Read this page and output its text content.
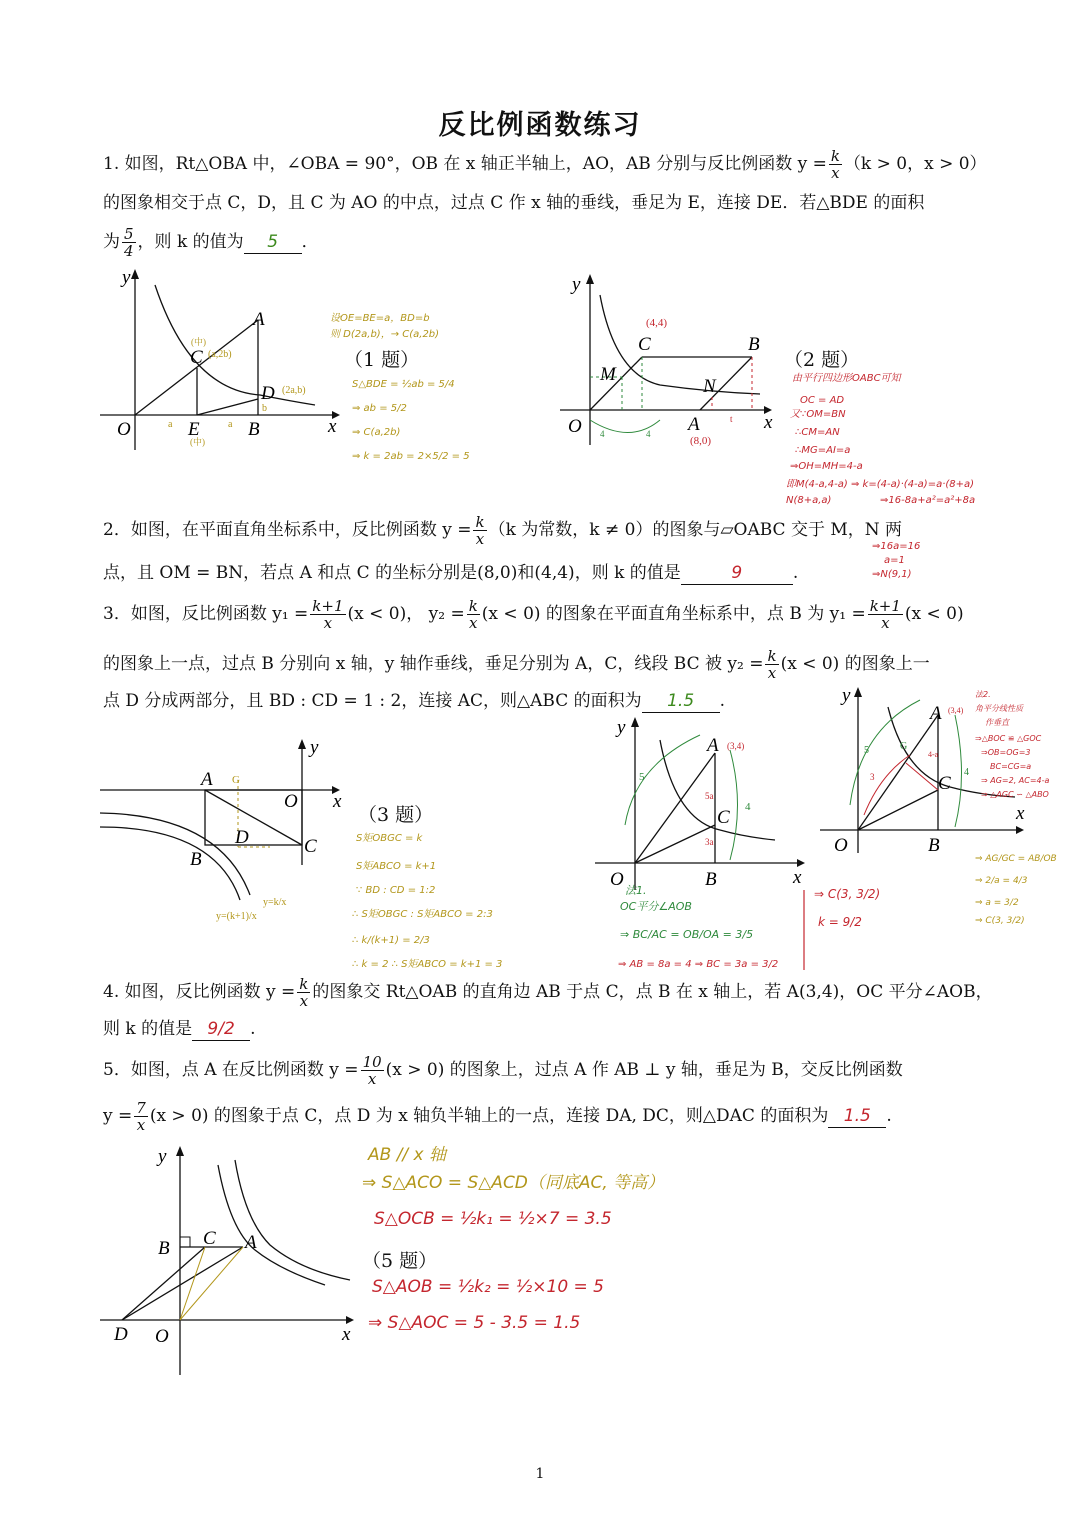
反比例函数练习
1. 如图，Rt△OBA 中，∠OBA = 90°，OB 在 x 轴正半轴上，AO，AB 分别与反比例函数 $y = \frac{k}{x} (k > 0$，x > 0）
的图象相交于点 C，D，且 C 为 AO 的中点，过点 C 作 x 轴的垂线，垂足为 E，连接 DE．若△BDE 的面积
为 $\frac{5}{4}$ ，则 k 的值为 5 ．
y
x
O
A
C
D
E	B
(a,2b)
(中)
(2a,b)
(中)
a	a
b
（1 题）
设OE=BE=a，BD=b
则 D(2a,b)，→ C(a,2b)
S△BDE = ½ab = 5/4
⇒ ab = 5/2
⇒ C(a,2b)
⇒ k = 2ab = 2×5/2 = 5
y
x
O
C	B
M
N
A
(4,4)
(8,0)
4	4
t
（2 题）
由平行四边形OABC可知
OC = AD
又∵OM=BN
∴CM=AN
∴MG=AI=a
⇒OH=MH=4-a
即M(4-a,4-a) ⇒ k=(4-a)·(4-a)=a·(8+a)
N(8+a,a)	⇒16-8a+a²=a²+8a
⇒16a=16
a=1
⇒N(9,1)
2．如图，在平面直角坐标系中，反比例函数 $y = \frac{k}{x} (k$ 为常数，k ≠ 0）的图象与▱OABC 交于 M，N 两
点，且 OM = BN，若点 A 和点 C 的坐标分别是(8,0)和(4,4)，则 k 的值是	9	.
3．如图，反比例函数 $y_1 = \frac{k+1}{x} (x < 0)$， $y_2 = \frac{k}{x} (x < 0)$ 的图象在平面直角坐标系中，点 B 为 $y_1 = \frac{k+1}{x} (x < 0)$
的图象上一点，过点 B 分别向 x 轴，y 轴作垂线，垂足分别为 A，C，线段 BC 被 $y_2 = \frac{k}{x} (x < 0)$ 的图象上一
点 D 分成两部分，且 BD : CD = 1 : 2，连接 AC，则△ABC 的面积为 1.5 .
y
x
O
A
B
C
D
G
y=(k+1)/x
y=k/x
（3 题）
S矩OBGC = k
S矩ABCO = k+1
∵ BD : CD = 1:2
∴ S矩OBGC : S矩ABCO = 2:3
∴ k/(k+1) = 2/3
∴ k = 2 ∴ S矩ABCO = k+1 = 3
y
x
O
A
B
C
(3,4)
5
4
5a
3a
法1.
OC平分∠AOB
⇒ BC/AC = OB/OA = 3/5
⇒ AB = 8a = 4 ⇒ BC = 3a = 3/2
⇒ C(3, 3/2)
k = 9/2
y
x
O
A
B
C
G
(3,4)
5
4
4-a
3
法2.
角平分线性质
作垂直
⇒△BOC ≌ △GOC
⇒OB=OG=3
BC=CG=a
⇒ AG=2, AC=4-a
⇒ △AGC ∽ △ABO
⇒ AG/GC = AB/OB
⇒ 2/a = 4/3
⇒ a = 3/2
⇒ C(3, 3/2)
4. 如图，反比例函数 $y = \frac{k}{x}$ 的图象交 Rt△OAB 的直角边 AB 于点 C，点 B 在 x 轴上，若 A(3,4)，OC 平分∠AOB，
则 k 的值是 9/2 .
5．如图，点 A 在反比例函数 $y = \frac{10}{x} (x > 0)$ 的图象上，过点 A 作 AB ⊥ y 轴，垂足为 B，交反比例函数
$y = \frac{7}{x} (x > 0)$ 的图象于点 C，点 D 为 x 轴负半轴上的一点，连接 DA, DC，则△DAC 的面积为 1.5 .
y
x
O
D
B C A
（5 题）
AB // x 轴
⇒ S△ACO = S△ACD（同底AC, 等高）
S△OCB = ½k₁ = ½×7 = 3.5
S△AOB = ½k₂ = ½×10 = 5
⇒ S△AOC = 5 - 3.5 = 1.5
1
